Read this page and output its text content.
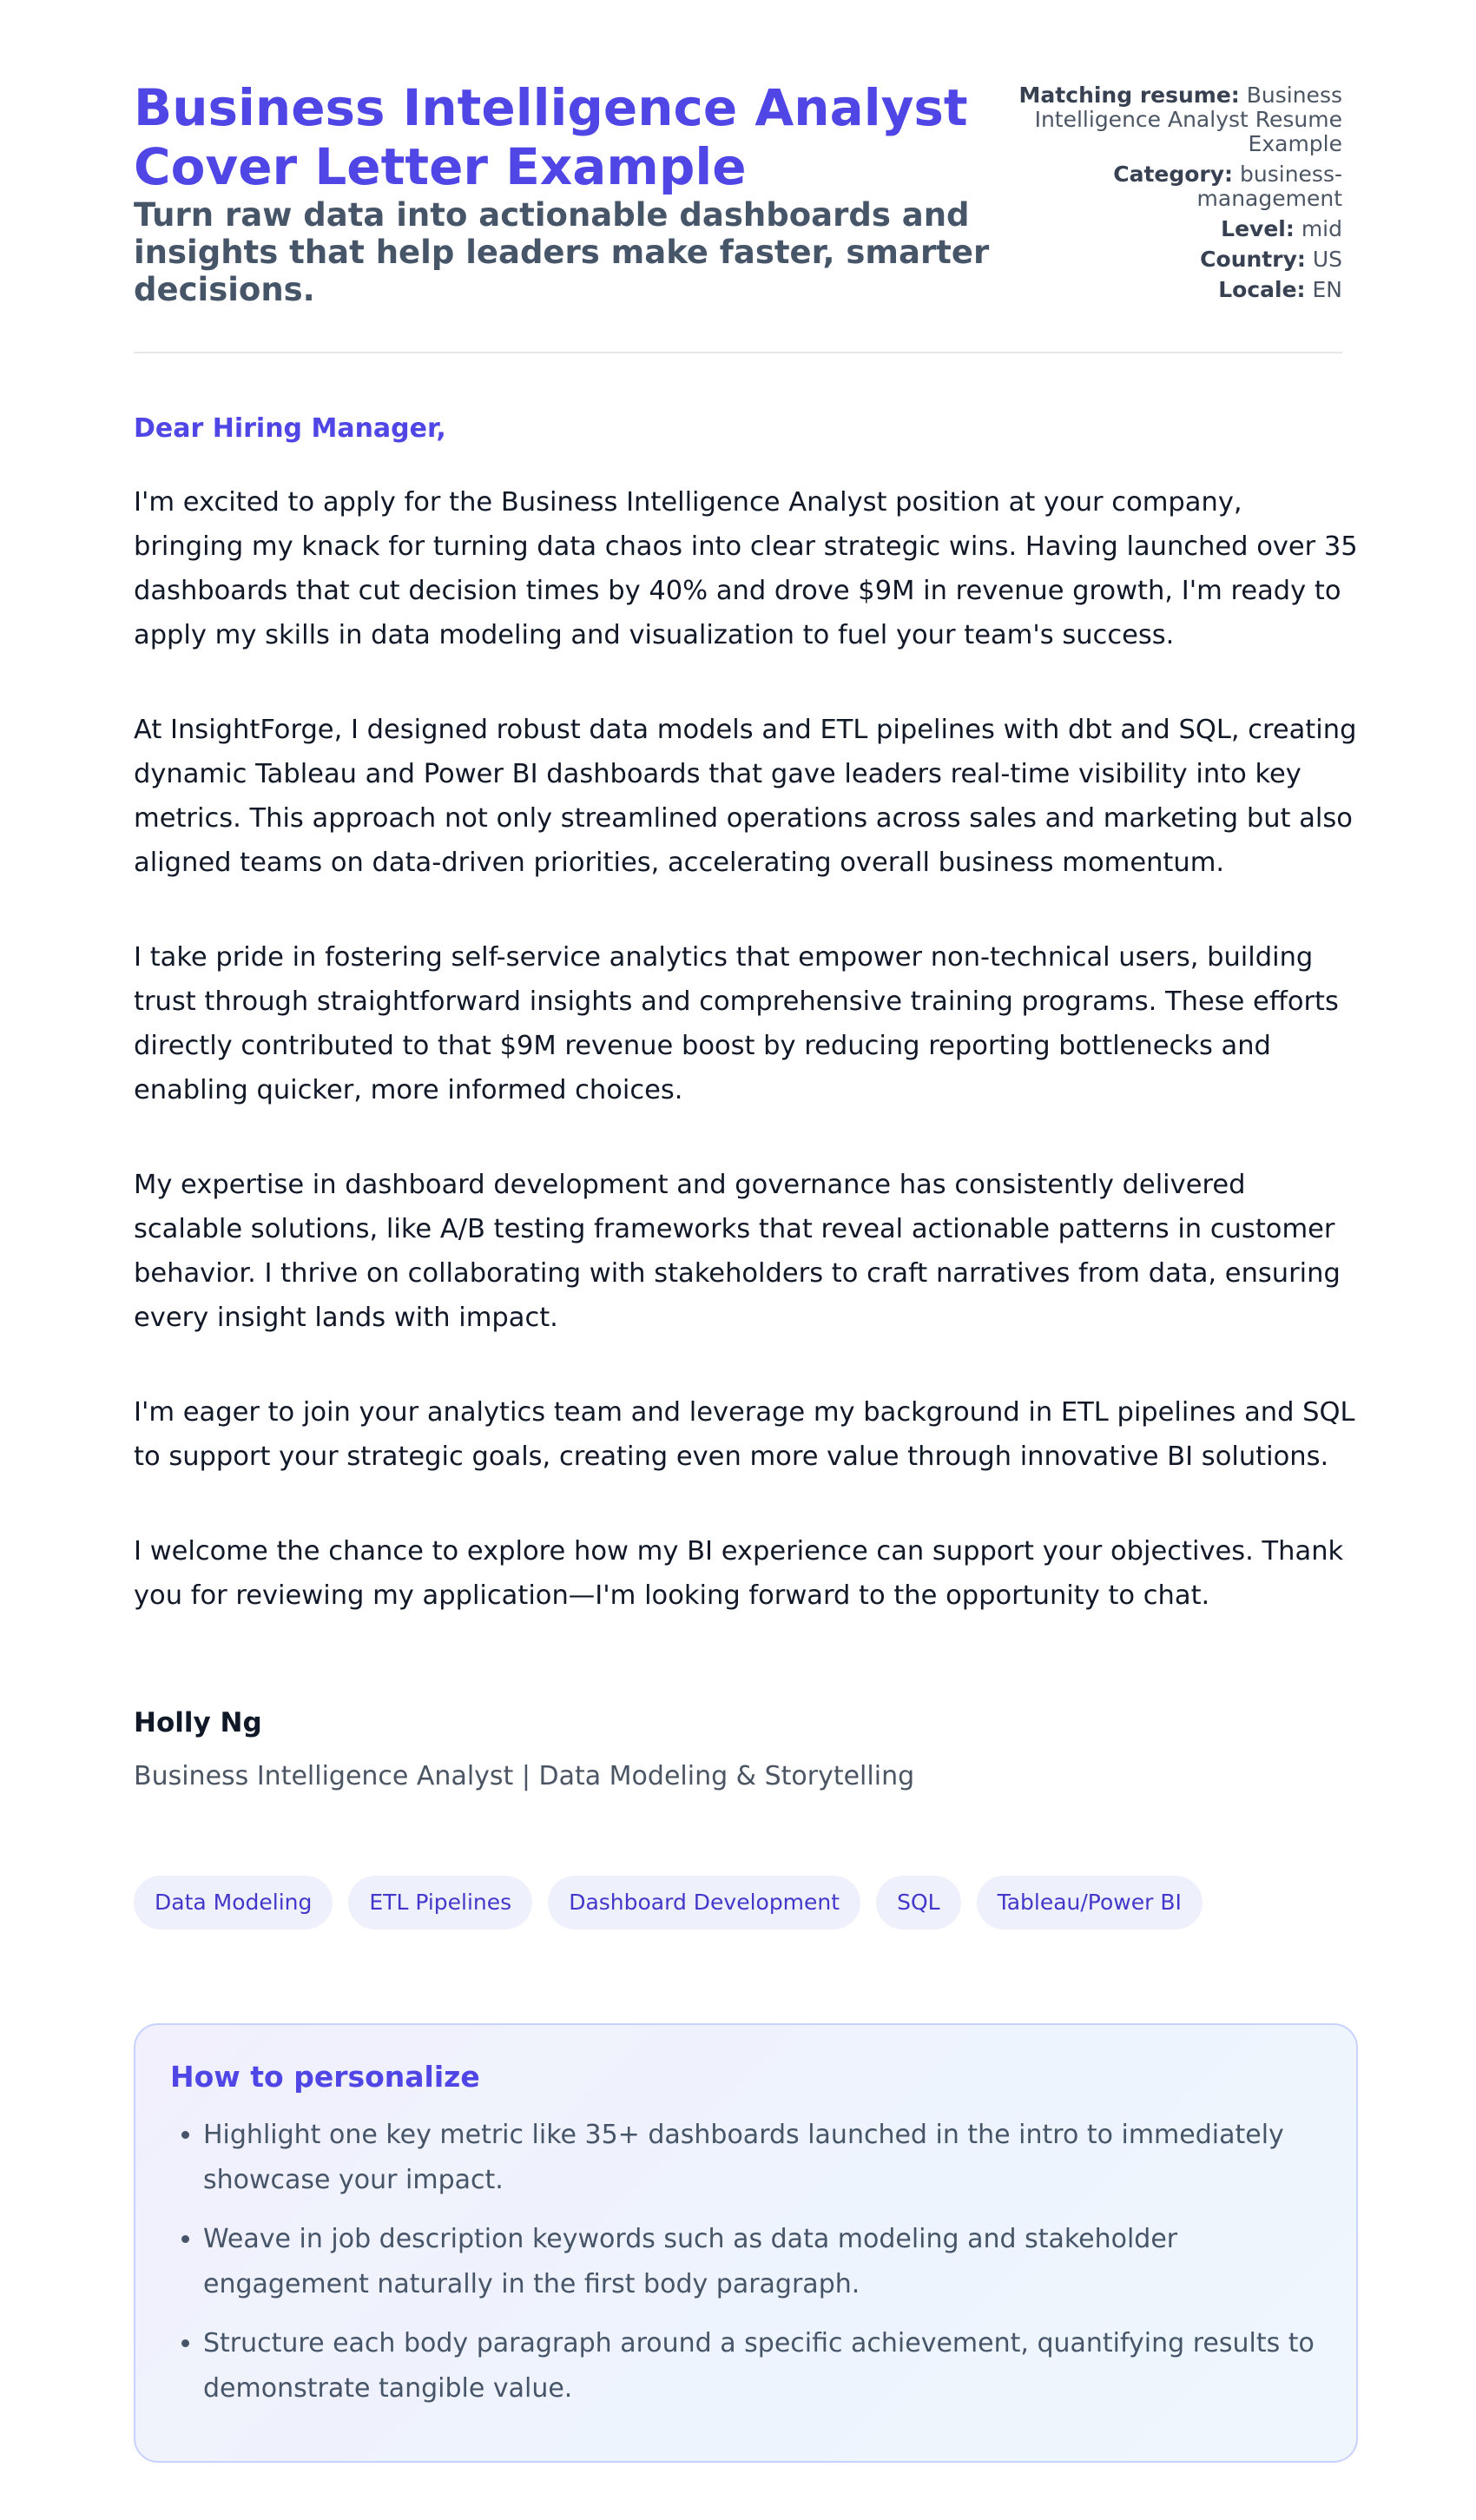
Business Intelligence Analyst Cover Letter Example
Turn raw data into actionable dashboards and insights that help leaders make faster, smarter decisions.
Matching resume: Business Intelligence Analyst Resume Example
Category: business-management
Level: mid
Country: US
Locale: EN
Dear Hiring Manager,

I'm excited to apply for the Business Intelligence Analyst position at your company, bringing my knack for turning data chaos into clear strategic wins. Having launched over 35 dashboards that cut decision times by 40% and drove $9M in revenue growth, I'm ready to apply my skills in data modeling and visualization to fuel your team's success.

At InsightForge, I designed robust data models and ETL pipelines with dbt and SQL, creating dynamic Tableau and Power BI dashboards that gave leaders real-time visibility into key metrics. This approach not only streamlined operations across sales and marketing but also aligned teams on data-driven priorities, accelerating overall business momentum.

I take pride in fostering self-service analytics that empower non-technical users, building trust through straightforward insights and comprehensive training programs. These efforts directly contributed to that $9M revenue boost by reducing reporting bottlenecks and enabling quicker, more informed choices.

My expertise in dashboard development and governance has consistently delivered scalable solutions, like A/B testing frameworks that reveal actionable patterns in customer behavior. I thrive on collaborating with stakeholders to craft narratives from data, ensuring every insight lands with impact.

I'm eager to join your analytics team and leverage my background in ETL pipelines and SQL to support your strategic goals, creating even more value through innovative BI solutions.

I welcome the chance to explore how my BI experience can support your objectives. Thank you for reviewing my application—I'm looking forward to the opportunity to chat.

Holly Ng
Business Intelligence Analyst | Data Modeling & Storytelling
Data Modeling	ETL Pipelines	Dashboard Development	SQL	Tableau/Power BI
How to personalize
• Highlight one key metric like 35+ dashboards launched in the intro to immediately showcase your impact.
• Weave in job description keywords such as data modeling and stakeholder engagement naturally in the first body paragraph.
• Structure each body paragraph around a specific achievement, quantifying results to demonstrate tangible value.
